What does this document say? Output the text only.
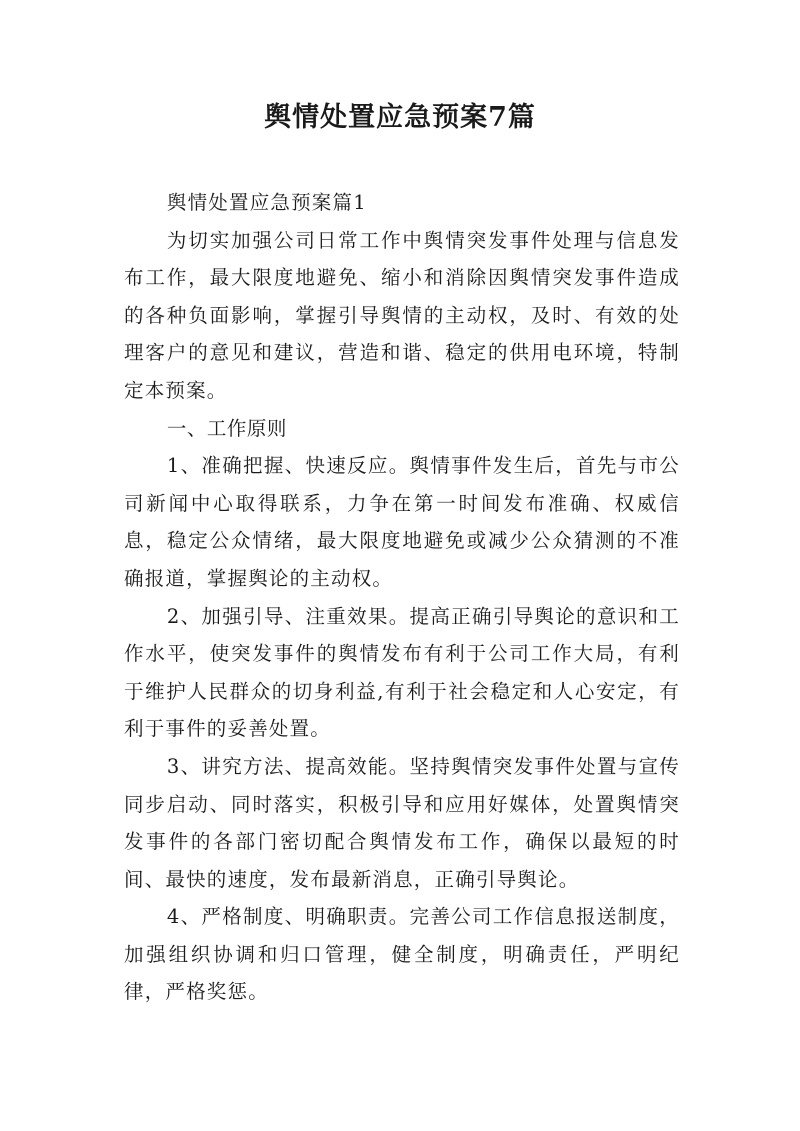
舆情处置应急预案7篇

舆情处置应急预案篇1

为切实加强公司日常工作中舆情突发事件处理与信息发布工作，最大限度地避免、缩小和消除因舆情突发事件造成的各种负面影响，掌握引导舆情的主动权，及时、有效的处理客户的意见和建议，营造和谐、稳定的供用电环境，特制定本预案。

一、工作原则

1、准确把握、快速反应。舆情事件发生后，首先与市公司新闻中心取得联系，力争在第一时间发布准确、权威信息，稳定公众情绪，最大限度地避免或减少公众猜测的不准确报道，掌握舆论的主动权。

2、加强引导、注重效果。提高正确引导舆论的意识和工作水平，使突发事件的舆情发布有利于公司工作大局，有利于维护人民群众的切身利益,有利于社会稳定和人心安定，有利于事件的妥善处置。

3、讲究方法、提高效能。坚持舆情突发事件处置与宣传同步启动、同时落实，积极引导和应用好媒体，处置舆情突发事件的各部门密切配合舆情发布工作，确保以最短的时间、最快的速度，发布最新消息，正确引导舆论。

4、严格制度、明确职责。完善公司工作信息报送制度，加强组织协调和归口管理，健全制度，明确责任，严明纪律，严格奖惩。
